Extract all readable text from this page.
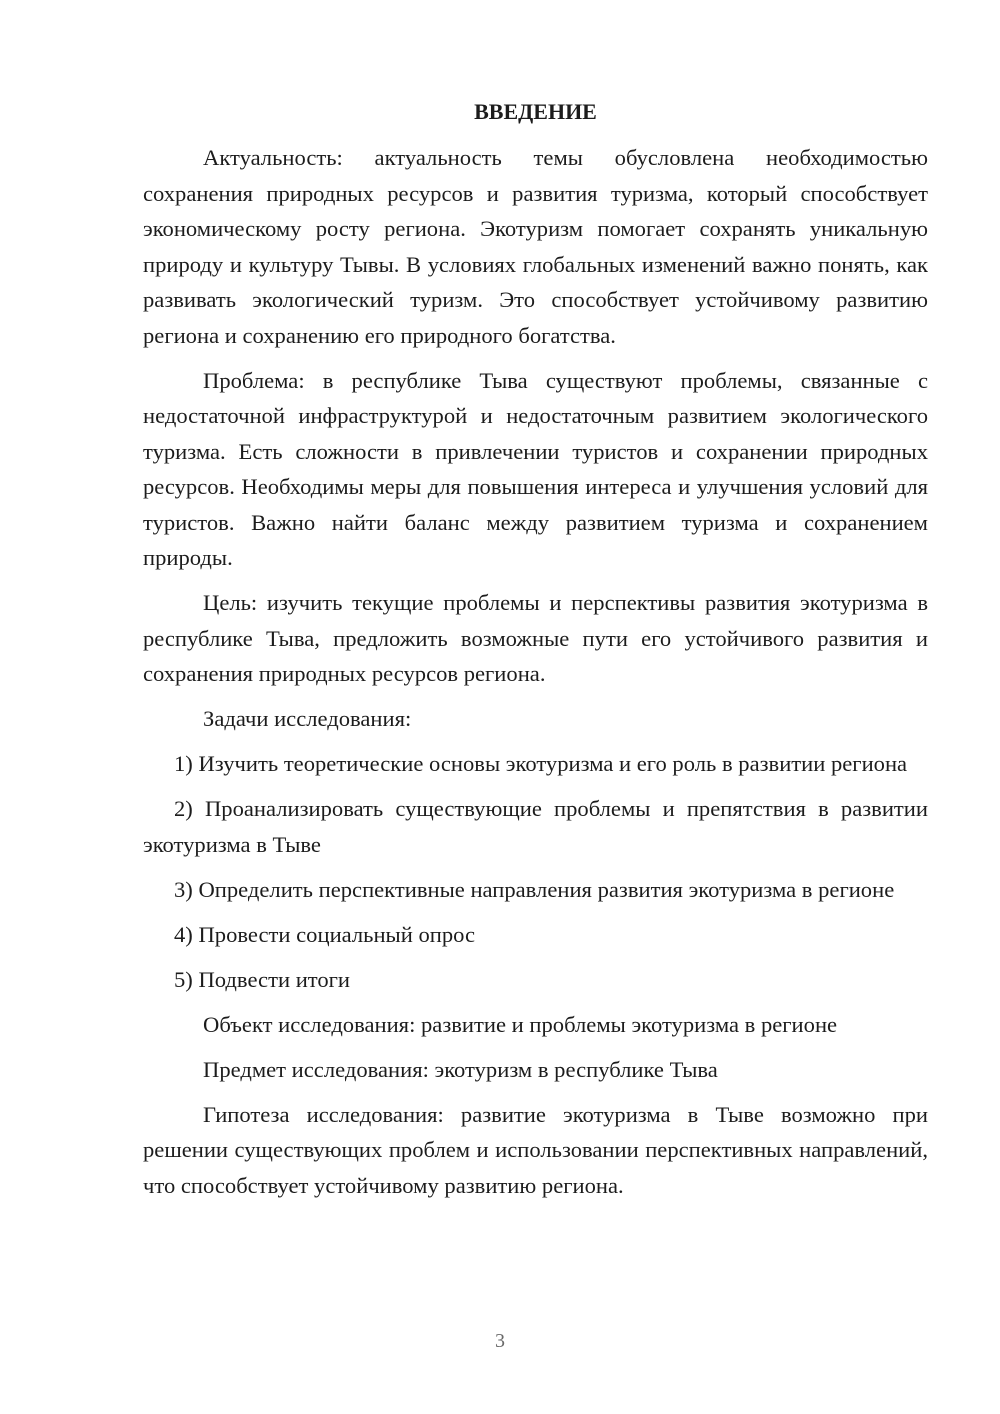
ВВЕДЕНИЕ

Актуальность: актуальность темы обусловлена необходимостью сохранения природных ресурсов и развития туризма, который способствует экономическому росту региона. Экотуризм помогает сохранять уникальную природу и культуру Тывы. В условиях глобальных изменений важно понять, как развивать экологический туризм. Это способствует устойчивому развитию региона и сохранению его природного богатства.

Проблема: в республике Тыва существуют проблемы, связанные с недостаточной инфраструктурой и недостаточным развитием экологического туризма. Есть сложности в привлечении туристов и сохранении природных ресурсов. Необходимы меры для повышения интереса и улучшения условий для туристов. Важно найти баланс между развитием туризма и сохранением природы.

Цель: изучить текущие проблемы и перспективы развития экотуризма в республике Тыва, предложить возможные пути его устойчивого развития и сохранения природных ресурсов региона.

Задачи исследования:

1) Изучить теоретические основы экотуризма и его роль в развитии региона

2) Проанализировать существующие проблемы и препятствия в развитии экотуризма в Тыве

3) Определить перспективные направления развития экотуризма в регионе

4) Провести социальный опрос

5) Подвести итоги

Объект исследования: развитие и проблемы экотуризма в регионе

Предмет исследования: экотуризм в республике Тыва

Гипотеза исследования: развитие экотуризма в Тыве возможно при решении существующих проблем и использовании перспективных направлений, что способствует устойчивому развитию региона.

3
